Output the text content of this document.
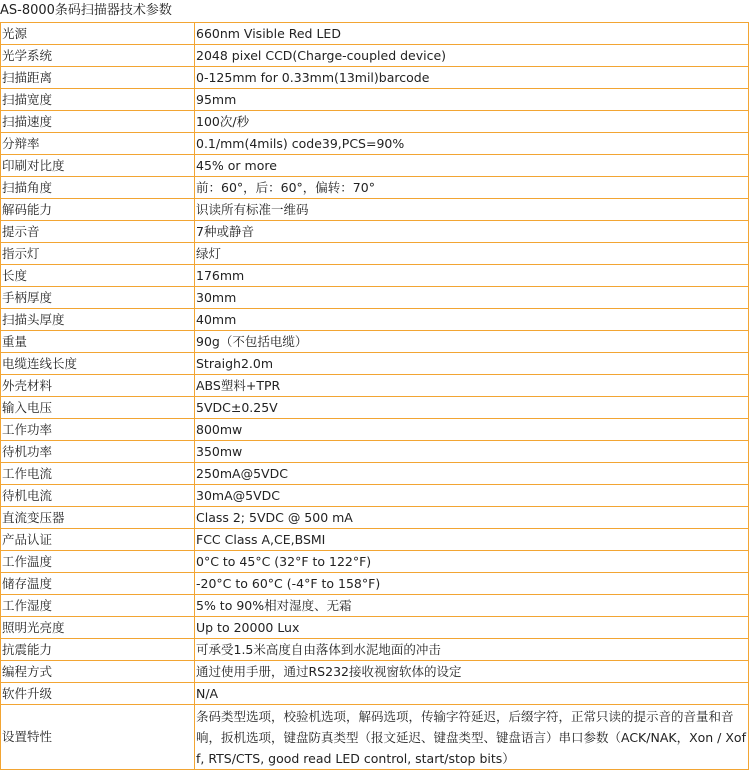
AS-8000条码扫描器技术参数
光源	660nm Visible Red LED
光学系统	2048 pixel CCD(Charge-coupled device)
扫描距离	0-125mm for 0.33mm(13mil)barcode
扫描宽度	95mm
扫描速度	100次/秒
分辩率	0.1/mm(4mils) code39,PCS=90%
印刷对比度	45% or more
扫描角度	前：60°，后：60°，偏转：70°
解码能力	识读所有标准一维码
提示音	7种或静音
指示灯	绿灯
长度	176mm
手柄厚度	30mm
扫描头厚度	40mm
重量	90g（不包括电缆）
电缆连线长度	Straigh2.0m
外壳材料	ABS塑料+TPR
输入电压	5VDC±0.25V
工作功率	800mw
待机功率	350mw
工作电流	250mA@5VDC
待机电流	30mA@5VDC
直流变压器	Class 2; 5VDC @ 500 mA
产品认证	FCC Class A,CE,BSMI
工作温度	0°C to 45°C (32°F to 122°F)
储存温度	-20°C to 60°C (-4°F to 158°F)
工作湿度	5% to 90%相对湿度、无霜
照明光亮度	Up to 20000 Lux
抗震能力	可承受1.5米高度自由落体到水泥地面的冲击
编程方式	通过使用手册，通过RS232接收视窗软体的设定
软件升级	N/A
设置特性	条码类型选项，校验机选项，解码选项，传输字符延迟，后缀字符，正常只读的提示音的音量和音响，扳机选项，键盘防真类型（报文延迟、键盘类型、键盘语言）串口参数（ACK/NAK，Xon / Xoff, RTS/CTS, good read LED control, start/stop bits）
